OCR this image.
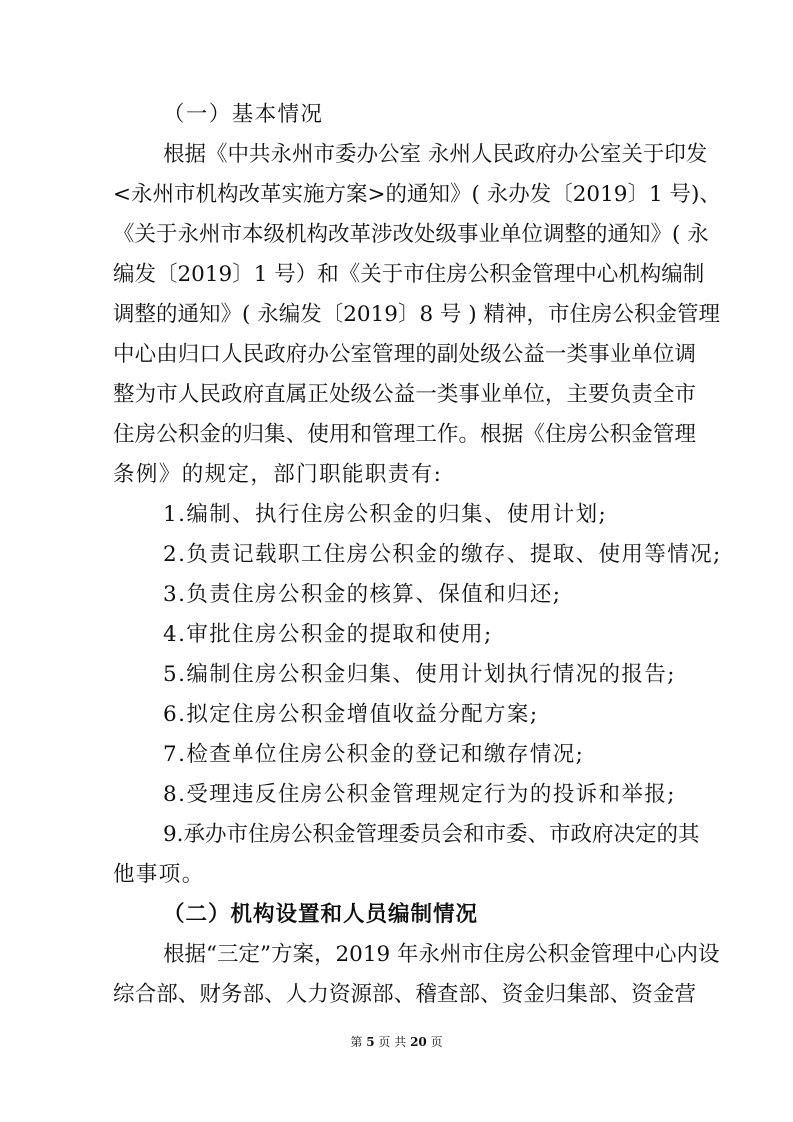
（一）基本情况
根据《中共永州市委办公室 永州人民政府办公室关于印发
<永州市机构改革实施方案>的通知》( 永办发〔2019〕1 号)、
《关于永州市本级机构改革涉改处级事业单位调整的通知》( 永
编发〔2019〕1 号）和《关于市住房公积金管理中心机构编制
调整的通知》( 永编发〔2019〕8 号 ) 精神，市住房公积金管理
中心由归口人民政府办公室管理的副处级公益一类事业单位调
整为市人民政府直属正处级公益一类事业单位，主要负责全市
住房公积金的归集、使用和管理工作。根据《住房公积金管理
条例》的规定，部门职能职责有:
1.编制、执行住房公积金的归集、使用计划;
2.负责记载职工住房公积金的缴存、提取、使用等情况;
3.负责住房公积金的核算、保值和归还;
4.审批住房公积金的提取和使用;
5.编制住房公积金归集、使用计划执行情况的报告;
6.拟定住房公积金增值收益分配方案;
7.检查单位住房公积金的登记和缴存情况;
8.受理违反住房公积金管理规定行为的投诉和举报;
9.承办市住房公积金管理委员会和市委、市政府决定的其
他事项。
（二）机构设置和人员编制情况
根据“三定”方案，2019 年永州市住房公积金管理中心内设
综合部、财务部、人力资源部、稽查部、资金归集部、资金营
第 5 页 共 20 页
